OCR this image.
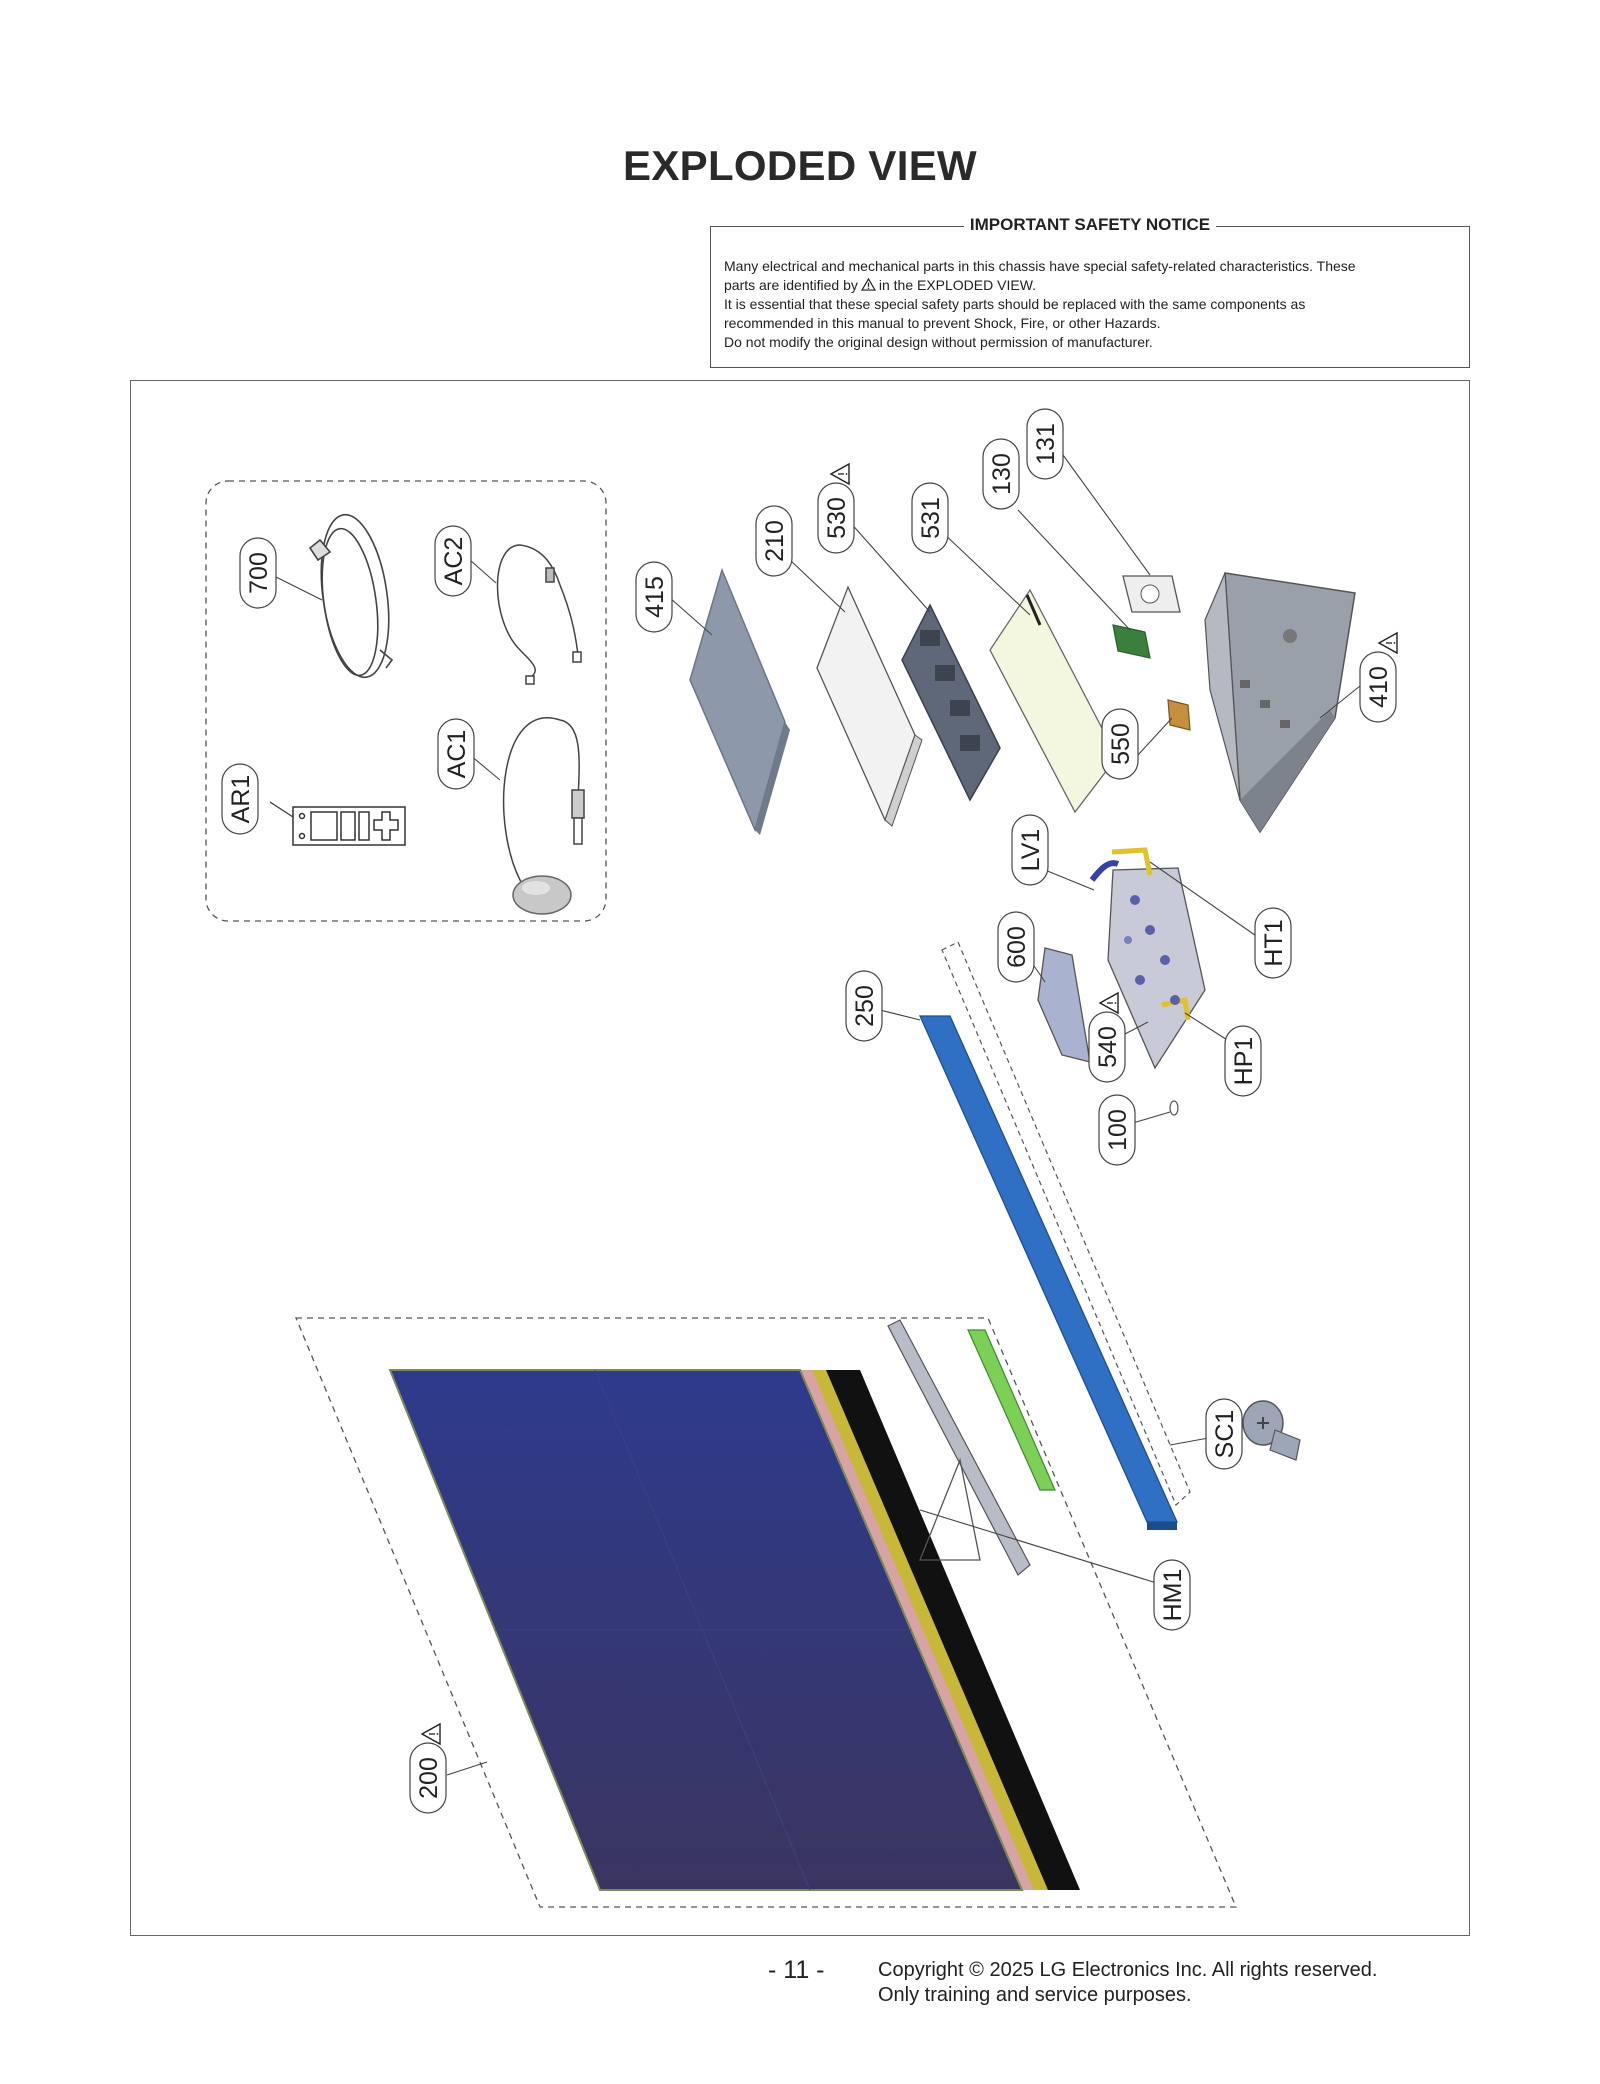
EXPLODED VIEW
IMPORTANT SAFETY NOTICE

Many electrical and mechanical parts in this chassis have special safety-related characteristics. These

parts are identified by in the EXPLODED VIEW.

It is essential that these special safety parts should be replaced with the same components as

recommended in this manual to prevent Shock, Fire, or other Hazards.

Do not modify the original design without permission of manufacturer.

700	AC2
AC1
AR1
415
210
530	531
130
131
410
550
LV1
HT1
600
540	HP1
250
100
SC1
HM1
200
- 11 -	Copyright © 2025 LG Electronics Inc. All rights reserved.
Only training and service purposes.
